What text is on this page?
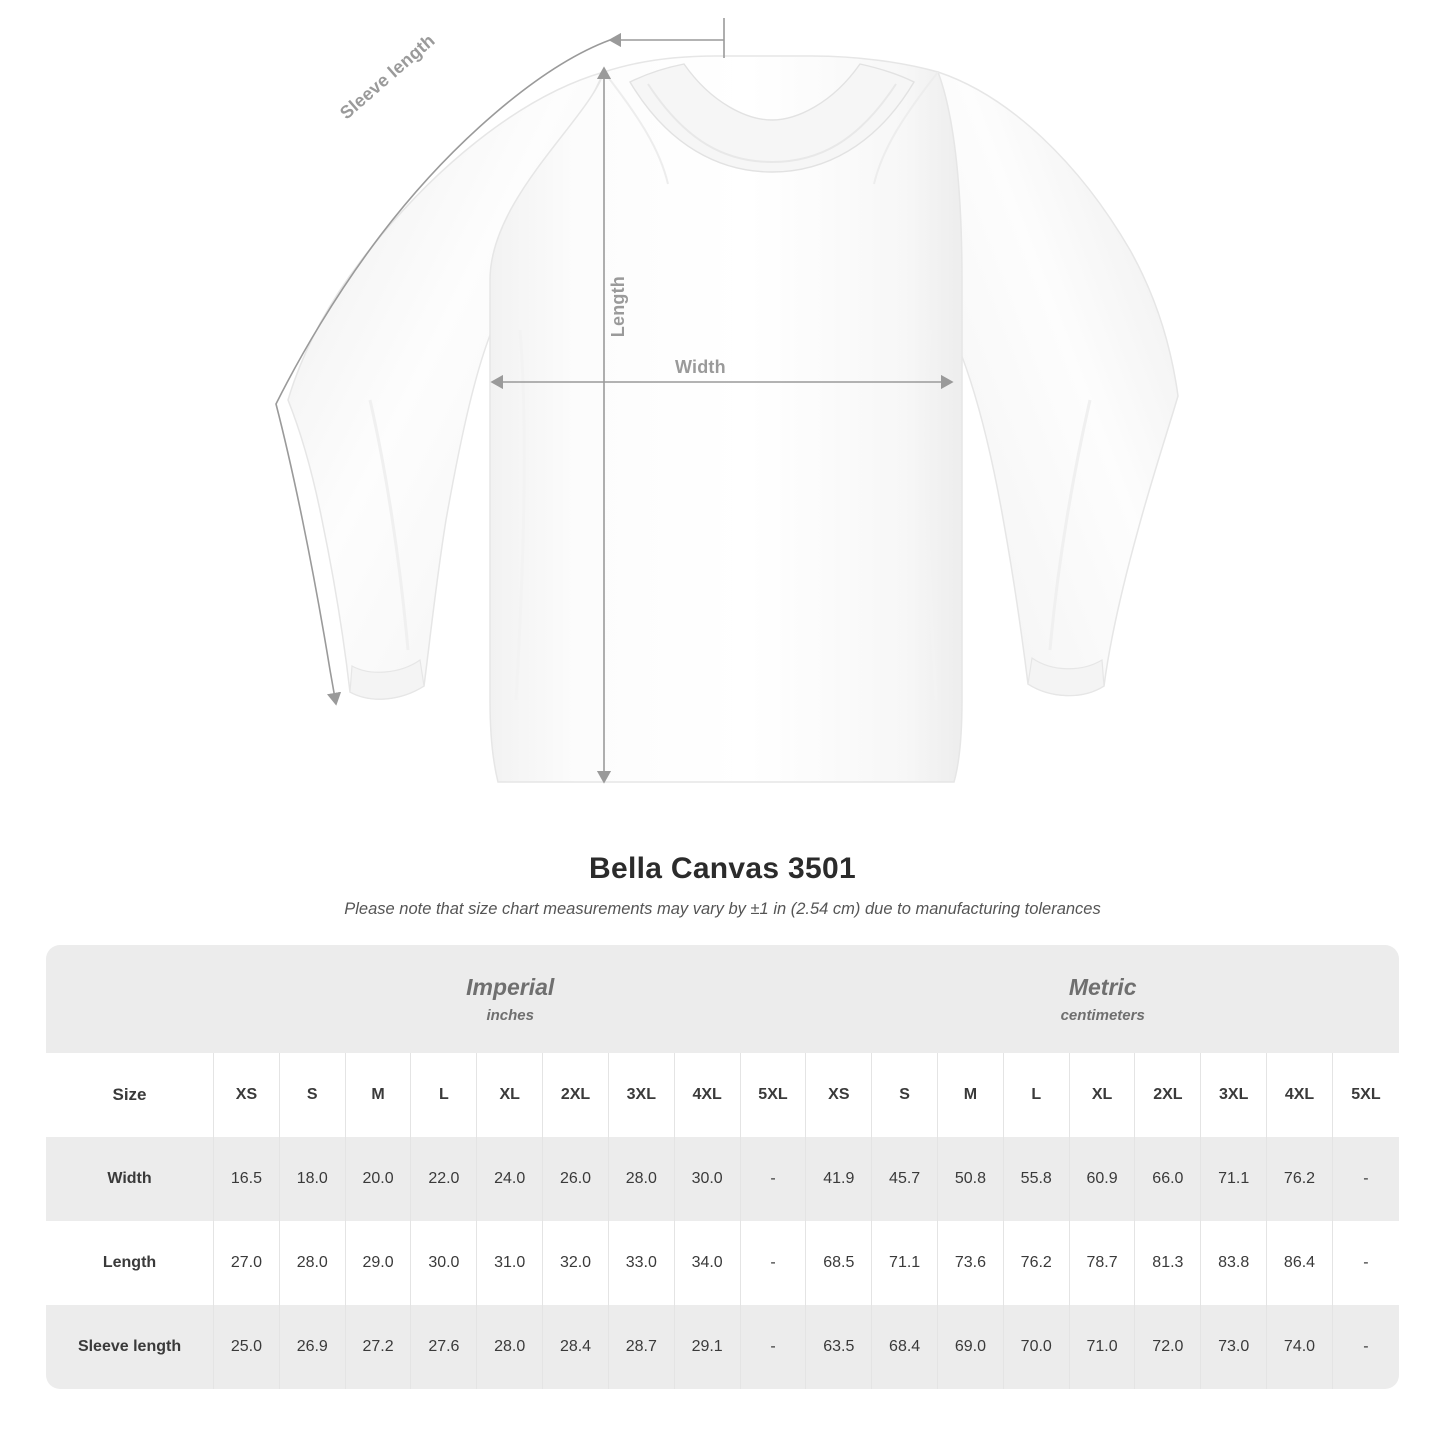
Sleeve length
Length
Width
Bella Canvas 3501
Please note that size chart measurements may vary by ±1 in (2.54 cm) due to manufacturing tolerances

	Imperial
inches									Metric
centimeters								

Size	XS	S	M	L	XL	2XL	3XL	4XL	5XL	XS	S	M	L	XL	2XL	3XL	4XL	5XL
Width	16.5	18.0	20.0	22.0	24.0	26.0	28.0	30.0	-	41.9	45.7	50.8	55.8	60.9	66.0	71.1	76.2	-
Length	27.0	28.0	29.0	30.0	31.0	32.0	33.0	34.0	-	68.5	71.1	73.6	76.2	78.7	81.3	83.8	86.4	-
Sleeve length	25.0	26.9	27.2	27.6	28.0	28.4	28.7	29.1	-	63.5	68.4	69.0	70.0	71.0	72.0	73.0	74.0	-
